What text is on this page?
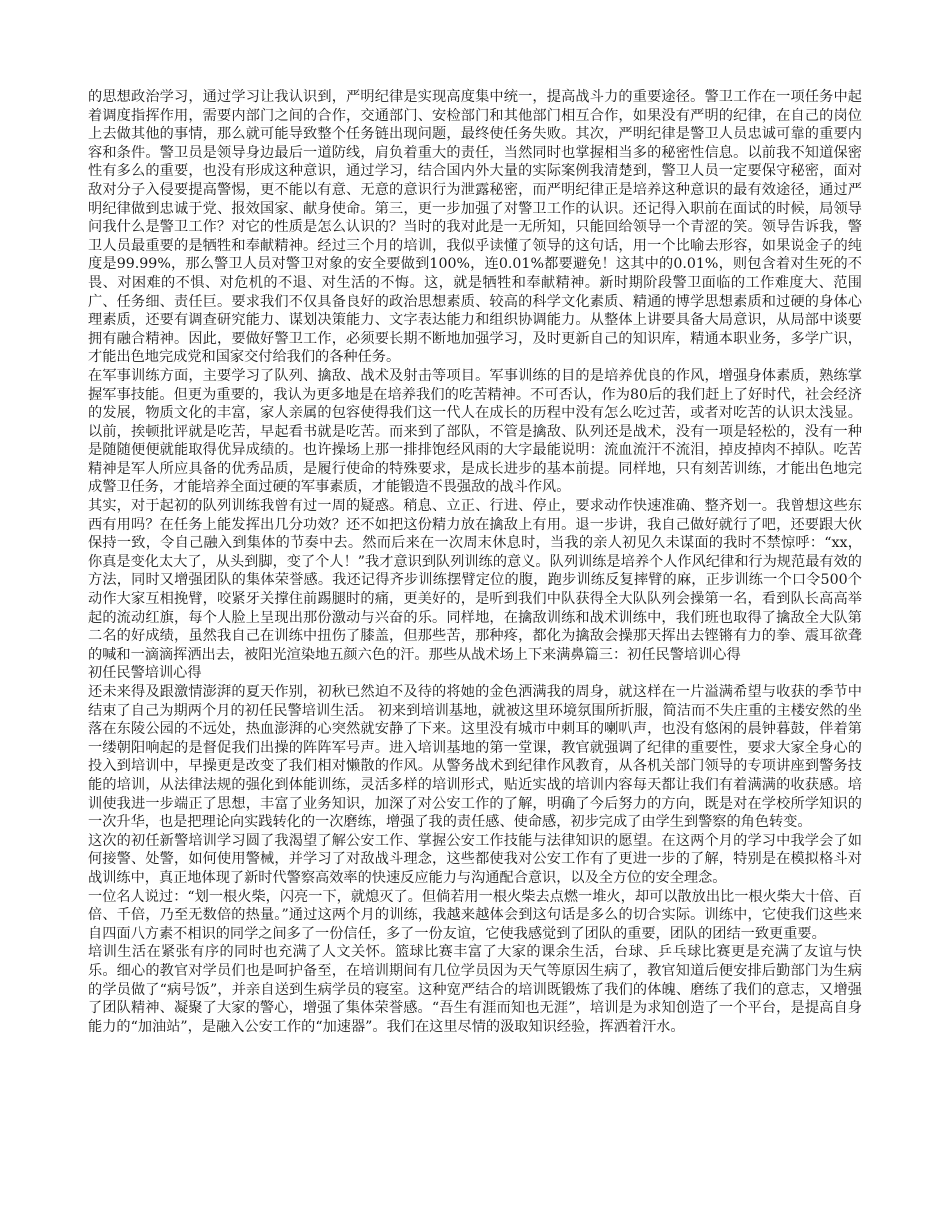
的思想政治学习，通过学习让我认识到，严明纪律是实现高度集中统一，提高战斗力的重要途径。警卫工作在一项任务中起着调度指挥作用，需要内部门之间的合作，交通部门、安检部门和其他部门相互合作，如果没有严明的纪律，在自己的岗位上去做其他的事情，那么就可能导致整个任务链出现问题，最终使任务失败。其次，严明纪律是警卫人员忠诚可靠的重要内容和条件。警卫员是领导身边最后一道防线，肩负着重大的责任，当然同时也掌握相当多的秘密性信息。以前我不知道保密性有多么的重要，也没有形成这种意识，通过学习，结合国内外大量的实际案例我清楚到，警卫人员一定要保守秘密，面对敌对分子入侵要提高警惕，更不能以有意、无意的意识行为泄露秘密，而严明纪律正是培养这种意识的最有效途径，通过严明纪律做到忠诚于党、报效国家、献身使命。第三，更一步加强了对警卫工作的认识。还记得入职前在面试的时候，局领导问我什么是警卫工作？对它的性质是怎么认识的？当时的我对此是一无所知，只能回给领导一个青涩的笑。领导告诉我，警卫人员最重要的是牺牲和奉献精神。经过三个月的培训，我似乎读懂了领导的这句话，用一个比喻去形容，如果说金子的纯度是99.99%，那么警卫人员对警卫对象的安全要做到100%，连0.01%都要避免！这其中的0.01%，则包含着对生死的不畏、对困难的不惧、对危机的不退、对生活的不悔。这，就是牺牲和奉献精神。新时期阶段警卫面临的工作难度大、范围广、任务细、责任巨。要求我们不仅具备良好的政治思想素质、较高的科学文化素质、精通的博学思想素质和过硬的身体心理素质，还要有调查研究能力、谋划决策能力、文字表达能力和组织协调能力。从整体上讲要具备大局意识，从局部中谈要拥有融合精神。因此，要做好警卫工作，必须要长期不断地加强学习，及时更新自己的知识库，精通本职业务，多学广识，才能出色地完成党和国家交付给我们的各种任务。

在军事训练方面，主要学习了队列、擒敌、战术及射击等项目。军事训练的目的是培养优良的作风，增强身体素质，熟练掌握军事技能。但更为重要的，我认为更多地是在培养我们的吃苦精神。不可否认，作为80后的我们赶上了好时代，社会经济的发展，物质文化的丰富，家人亲属的包容使得我们这一代人在成长的历程中没有怎么吃过苦，或者对吃苦的认识太浅显。以前，挨顿批评就是吃苦，早起看书就是吃苦。而来到了部队，不管是擒敌、队列还是战术，没有一项是轻松的，没有一种是随随便便就能取得优异成绩的。也许操场上那一排排饱经风雨的大字最能说明：流血流汗不流泪，掉皮掉肉不掉队。吃苦精神是军人所应具备的优秀品质，是履行使命的特殊要求，是成长进步的基本前提。同样地，只有刻苦训练，才能出色地完成警卫任务，才能培养全面过硬的军事素质，才能锻造不畏强敌的战斗作风。

其实，对于起初的队列训练我曾有过一周的疑惑。稍息、立正、行进、停止，要求动作快速准确、整齐划一。我曾想这些东西有用吗？在任务上能发挥出几分功效？还不如把这份精力放在擒敌上有用。退一步讲，我自己做好就行了吧，还要跟大伙保持一致，令自己融入到集体的节奏中去。然而后来在一次周末休息时，当我的亲人初见久未谋面的我时不禁惊呼：“xx，你真是变化太大了，从头到脚，变了个人！”我才意识到队列训练的意义。队列训练是培养个人作风纪律和行为规范最有效的方法，同时又增强团队的集体荣誉感。我还记得齐步训练摆臂定位的腹，跑步训练反复摔臂的麻，正步训练一个口令500个动作大家互相挽臂，咬紧牙关撑住前踢腿时的痛，更美好的，是听到我们中队获得全大队队列会操第一名，看到队长高高举起的流动红旗，每个人脸上呈现出那份激动与兴奋的乐。同样地，在擒敌训练和战术训练中，我们班也取得了擒敌全大队第二名的好成绩，虽然我自己在训练中扭伤了膝盖，但那些苦，那种疼，都化为擒敌会操那天挥出去铿锵有力的拳、震耳欲聋的喊和一滴滴挥洒出去，被阳光渲染地五颜六色的汗。那些从战术场上下来满鼻篇三：初任民警培训心得

初任民警培训心得

还未来得及跟激情澎湃的夏天作别，初秋已然迫不及待的将她的金色洒满我的周身，就这样在一片溢满希望与收获的季节中结束了自己为期两个月的初任民警培训生活。 初来到培训基地，就被这里环境氛围所折服，简洁而不失庄重的主楼安然的坐落在东陵公园的不远处，热血澎湃的心突然就安静了下来。这里没有城市中刺耳的喇叭声，也没有悠闲的晨钟暮鼓，伴着第一缕朝阳响起的是督促我们出操的阵阵军号声。进入培训基地的第一堂课，教官就强调了纪律的重要性，要求大家全身心的投入到培训中，早操更是改变了我们相对懒散的作风。从警务战术到纪律作风教育，从各机关部门领导的专项讲座到警务技能的培训，从法律法规的强化到体能训练，灵活多样的培训形式，贴近实战的培训内容每天都让我们有着满满的收获感。培训使我进一步端正了思想，丰富了业务知识，加深了对公安工作的了解，明确了今后努力的方向，既是对在学校所学知识的一次升华，也是把理论向实践转化的一次磨练，增强了我的责任感、使命感，初步完成了由学生到警察的角色转变。

这次的初任新警培训学习圆了我渴望了解公安工作、掌握公安工作技能与法律知识的愿望。在这两个月的学习中我学会了如何接警、处警，如何使用警械，并学习了对敌战斗理念，这些都使我对公安工作有了更进一步的了解，特别是在模拟格斗对战训练中，真正地体现了新时代警察高效率的快速反应能力与沟通配合意识，以及全方位的安全理念。

一位名人说过：“划一根火柴，闪亮一下，就熄灭了。但倘若用一根火柴去点燃一堆火，却可以散放出比一根火柴大十倍、百倍、千倍，乃至无数倍的热量。”通过这两个月的训练，我越来越体会到这句话是多么的切合实际。训练中，它使我们这些来自四面八方素不相识的同学之间多了一份信任，多了一份友谊，它使我感觉到了团队的重要，团队的团结一致更重要。

培训生活在紧张有序的同时也充满了人文关怀。篮球比赛丰富了大家的课余生活，台球、乒乓球比赛更是充满了友谊与快乐。细心的教官对学员们也是呵护备至，在培训期间有几位学员因为天气等原因生病了，教官知道后便安排后勤部门为生病的学员做了“病号饭”，并亲自送到生病学员的寝室。这种宽严结合的培训既锻炼了我们的体魄、磨练了我们的意志，又增强了团队精神、凝聚了大家的警心，增强了集体荣誉感。“吾生有涯而知也无涯”，培训是为求知创造了一个平台，是提高自身能力的“加油站”，是融入公安工作的“加速器”。我们在这里尽情的汲取知识经验，挥洒着汗水。
